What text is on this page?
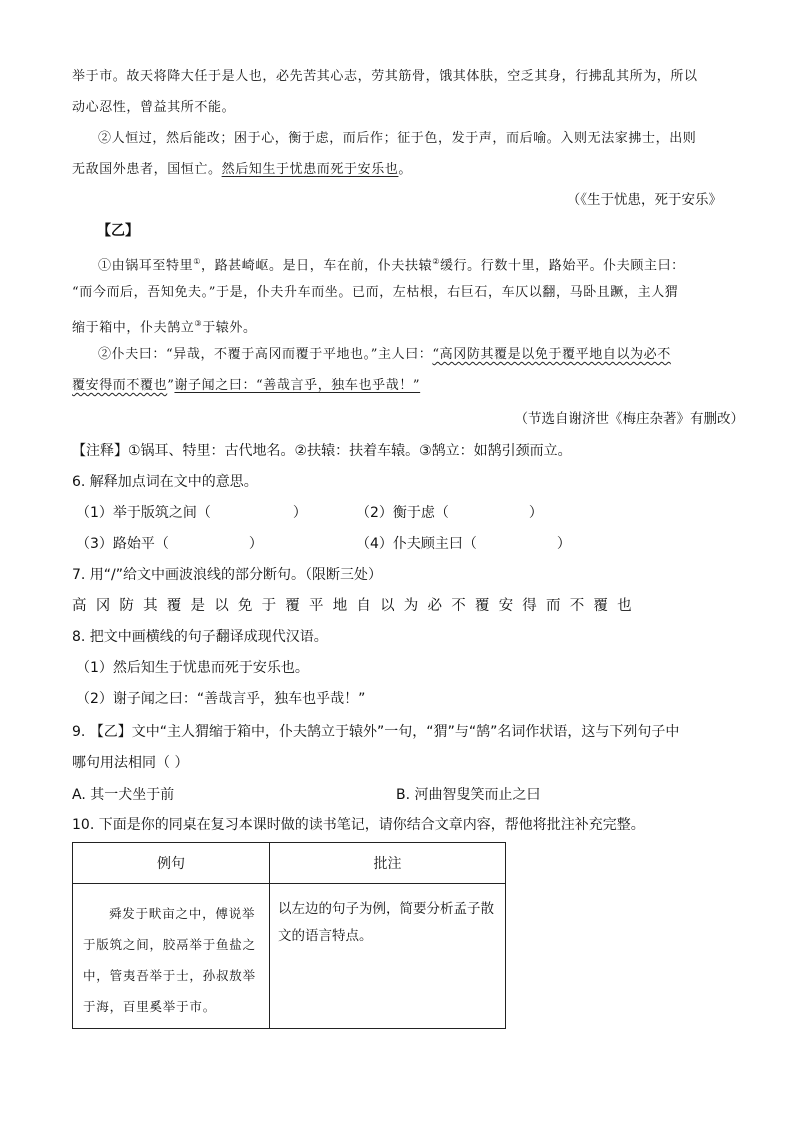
举于市。故天将降大任于是人也，必先苦其心志，劳其筋骨，饿其体肤，空乏其身，行拂乱其所为，所以
动心忍性，曾益其所不能。
②人恒过，然后能改；困于心，衡于虑，而后作；征于色，发于声，而后喻。入则无法家拂士，出则
无敌国外患者，国恒亡。然后知生于忧患而死于安乐也。
（《生于忧患，死于安乐》
【乙】
①由锅耳至特里①，路甚崎岖。是日，车在前，仆夫扶辕②缓行。行数十里，路始平。仆夫顾主曰：
“而今而后，吾知免夫。”于是，仆夫升车而坐。已而，左枯根，右巨石，车仄以翻，马卧且蹶，主人猬
缩于箱中，仆夫鹄立③于辕外。
②仆夫曰：“异哉，不覆于高冈而覆于平地也。”主人曰：“高冈防其覆是以免于覆平地自以为必不
覆安得而不覆也”谢子闻之曰：“善哉言乎，独车也乎哉！”
（节选自谢济世《梅庄杂著》有删改）
【注释】①锅耳、特里：古代地名。②扶辕：扶着车辕。③鹄立：如鹄引颈而立。
6. 解释加点词在文中的意思。
（1）举于版筑之间（	）	（2）衡于虑（	）
（3）路始平（	）	（4）仆夫顾主曰（	）
7. 用“/”给文中画波浪线的部分断句。（限断三处）
高冈防其覆是以免于覆平地自以为必不覆安得而不覆也
8. 把文中画横线的句子翻译成现代汉语。
（1）然后知生于忧患而死于安乐也。
（2）谢子闻之曰：“善哉言乎，独车也乎哉！”
9. 【乙】文中“主人猬缩于箱中，仆夫鹄立于辕外”一句，“猬”与“鹄”名词作状语，这与下列句子中
哪句用法相同（ ）
A. 其一犬坐于前	B. 河曲智叟笑而止之曰
10. 下面是你的同桌在复习本课时做的读书笔记，请你结合文章内容，帮他将批注补充完整。
例句	批注

舜发于畎亩之中，傅说举
于版筑之间，胶鬲举于鱼盐之
中，管夷吾举于士，孙叔敖举
于海，百里奚举于市。	以左边的句子为例，简要分析孟子散文的语言特点。
